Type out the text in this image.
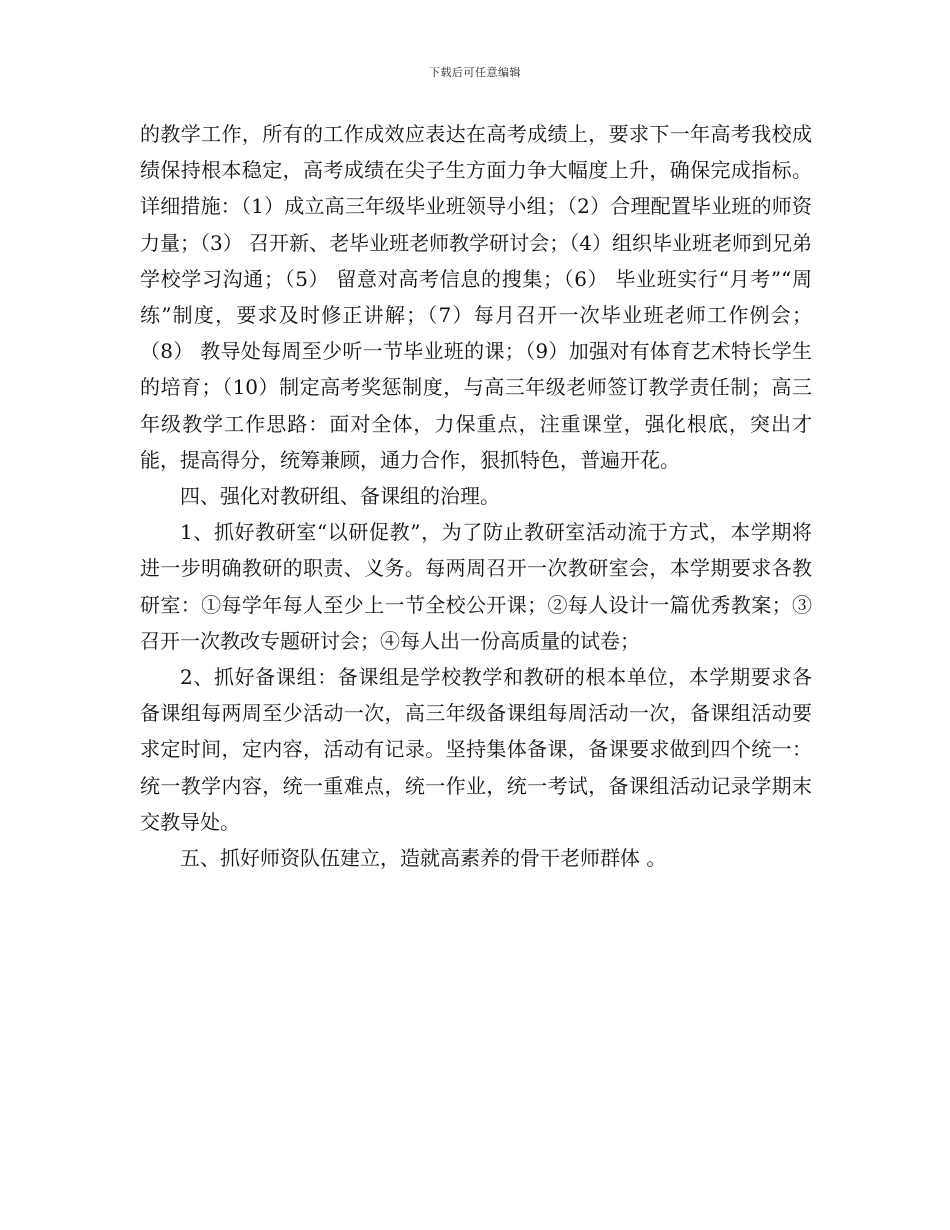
下载后可任意编辑

的教学工作，所有的工作成效应表达在高考成绩上，要求下一年高考我校成绩保持根本稳定，高考成绩在尖子生方面力争大幅度上升，确保完成指标。详细措施：（1）成立高三年级毕业班领导小组；（2）合理配置毕业班的师资力量；（3） 召开新、老毕业班老师教学研讨会；（4）组织毕业班老师到兄弟学校学习沟通；（5） 留意对高考信息的搜集；（6） 毕业班实行“月考”“周练”制度，要求及时修正讲解；（7）每月召开一次毕业班老师工作例会；（8） 教导处每周至少听一节毕业班的课；（9）加强对有体育艺术特长学生的培育；（10）制定高考奖惩制度，与高三年级老师签订教学责任制；高三年级教学工作思路：面对全体，力保重点，注重课堂，强化根底，突出才能，提高得分，统筹兼顾，通力合作，狠抓特色，普遍开花。

四、强化对教研组、备课组的治理。

1、抓好教研室“以研促教”，为了防止教研室活动流于方式，本学期将进一步明确教研的职责、义务。每两周召开一次教研室会，本学期要求各教研室：①每学年每人至少上一节全校公开课；②每人设计一篇优秀教案；③召开一次教改专题研讨会；④每人出一份高质量的试卷；

2、抓好备课组：备课组是学校教学和教研的根本单位，本学期要求各备课组每两周至少活动一次，高三年级备课组每周活动一次，备课组活动要求定时间，定内容，活动有记录。坚持集体备课，备课要求做到四个统一：统一教学内容，统一重难点，统一作业，统一考试，备课组活动记录学期末交教导处。

五、抓好师资队伍建立，造就高素养的骨干老师群体 。
